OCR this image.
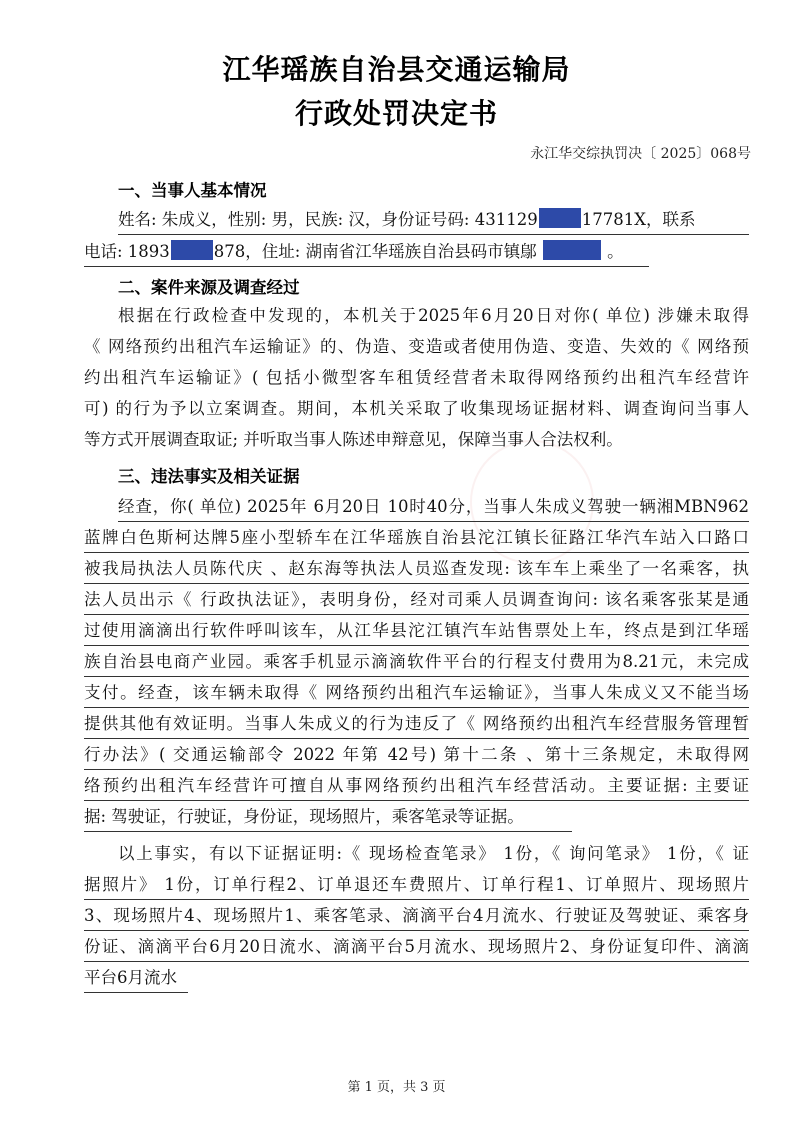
江华瑶族自治县交通运输局
行政处罚决定书
永江华交综执罚决〔 2025〕068号
一、当事人基本情况
姓名: 朱成义，性别: 男，民族: 汉，身份证号码: 431129	17781X，联系
电话: 1893	878，住址: 湖南省江华瑶族自治县码市镇鄔	。
二、案件来源及调查经过
根据在行政检查中发现的，本机关于2025年6月20日对你( 单位) 涉嫌未取得
《 网络预约出租汽车运输证》的、伪造、变造或者使用伪造、变造、失效的《 网络预
约出租汽车运输证》( 包括小微型客车租赁经营者未取得网络预约出租汽车经营许
可) 的行为予以立案调查。期间，本机关采取了收集现场证据材料、调查询问当事人
等方式开展调查取证; 并听取当事人陈述申辩意见，保障当事人合法权利。
三、违法事实及相关证据
经查，你( 单位) 2025年 6月20日 10时40分，当事人朱成义驾驶一辆湘MBN962
蓝牌白色斯柯达牌5座小型轿车在江华瑶族自治县沱江镇长征路江华汽车站入口路口
被我局执法人员陈代庆 、赵东海等执法人员巡查发现: 该车车上乘坐了一名乘客，执
法人员出示《 行政执法证》，表明身份，经对司乘人员调查询问: 该名乘客张某是通
过使用滴滴出行软件呼叫该车，从江华县沱江镇汽车站售票处上车，终点是到江华瑶
族自治县电商产业园。乘客手机显示滴滴软件平台的行程支付费用为8.21元，未完成
支付。经查，该车辆未取得《 网络预约出租汽车运输证》，当事人朱成义又不能当场
提供其他有效证明。当事人朱成义的行为违反了《 网络预约出租汽车经营服务管理暂
行办法》( 交通运输部令 2022 年第 42号) 第十二条 、第十三条规定，未取得网
络预约出租汽车经营许可擅自从事网络预约出租汽车经营活动。主要证据: 主要证
据: 驾驶证，行驶证，身份证，现场照片，乘客笔录等证据。
以上事实，有以下证据证明:《 现场检查笔录》 1份，《 询问笔录》 1份，《 证
据照片》 1份，订单行程2、订单退还车费照片、订单行程1、订单照片、现场照片
3、现场照片4、现场照片1、乘客笔录、滴滴平台4月流水、行驶证及驾驶证、乘客身
份证、滴滴平台6月20日流水、滴滴平台5月流水、现场照片2、身份证复印件、滴滴
平台6月流水
第 1 页，共 3 页
